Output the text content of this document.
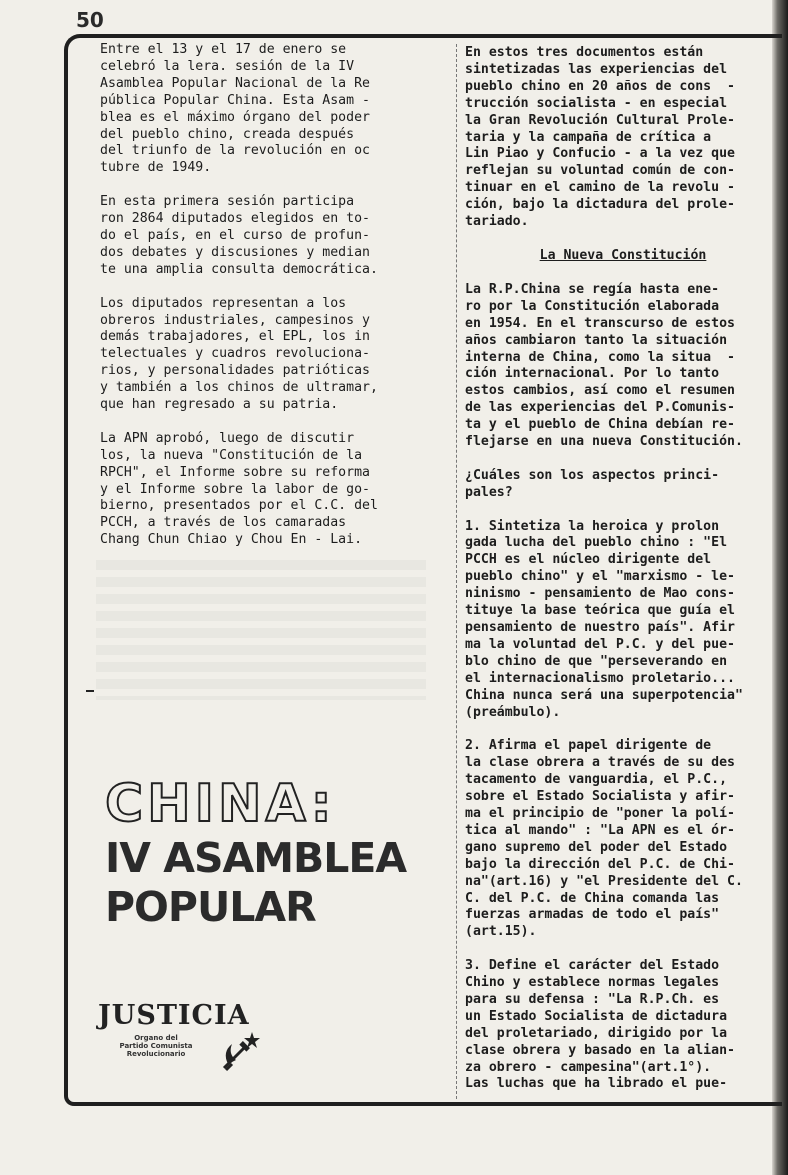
50

Entre el 13 y el 17 de enero se

celebró la lera. sesión de la IV

Asamblea Popular Nacional de la Re

pública Popular China. Esta Asam -

blea es el máximo órgano del poder

del pueblo chino, creada después

del triunfo de la revolución en oc

tubre de 1949.

En esta primera sesión participa

ron 2864 diputados elegidos en to-

do el país, en el curso de profun-

dos debates y discusiones y median

te una amplia consulta democrática.

Los diputados representan a los

obreros industriales, campesinos y

demás trabajadores, el EPL, los in

telectuales y cuadros revoluciona-

rios, y personalidades patrióticas

y también a los chinos de ultramar,

que han regresado a su patria.

La APN aprobó, luego de discutir

los, la nueva "Constitución de la

RPCH", el Informe sobre su reforma

y el Informe sobre la labor de go-

bierno, presentados por el C.C. del

PCCH, a través de los camaradas

Chang Chun Chiao y Chou En - Lai.

En estos tres documentos están

sintetizadas las experiencias del

pueblo chino en 20 años de cons  -

trucción socialista - en especial

la Gran Revolución Cultural Prole-

taria y la campaña de crítica a

Lin Piao y Confucio - a la vez que

reflejan su voluntad común de con-

tinuar en el camino de la revolu -

ción, bajo la dictadura del prole-

tariado.

La Nueva Constitución

La R.P.China se regía hasta ene-

ro por la Constitución elaborada

en 1954. En el transcurso de estos

años cambiaron tanto la situación

interna de China, como la situa  -

ción internacional. Por lo tanto

estos cambios, así como el resumen

de las experiencias del P.Comunis-

ta y el pueblo de China debían re-

flejarse en una nueva Constitución.

¿Cuáles son los aspectos princi-

pales?

1. Sintetiza la heroica y prolon

gada lucha del pueblo chino : "El

PCCH es el núcleo dirigente del

pueblo chino" y el "marxismo - le-

ninismo - pensamiento de Mao cons-

tituye la base teórica que guía el

pensamiento de nuestro país". Afir

ma la voluntad del P.C. y del pue-

blo chino de que "perseverando en

el internacionalismo proletario...

China nunca será una superpotencia"

(preámbulo).

2. Afirma el papel dirigente de

la clase obrera a través de su des

tacamento de vanguardia, el P.C.,

sobre el Estado Socialista y afir-

ma el principio de "poner la polí-

tica al mando" : "La APN es el ór-

gano supremo del poder del Estado

bajo la dirección del P.C. de Chi-

na"(art.16) y "el Presidente del C.

C. del P.C. de China comanda las

fuerzas armadas de todo el país"

(art.15).

3. Define el carácter del Estado

Chino y establece normas legales

para su defensa : "La R.P.Ch. es

un Estado Socialista de dictadura

del proletariado, dirigido por la

clase obrera y basado en la alian-

za obrero - campesina"(art.1°).

Las luchas que ha librado el pue-

CHINA:
IV ASAMBLEA
POPULAR
JUSTICIA
Organo del
Partido Comunista
Revolucionario
